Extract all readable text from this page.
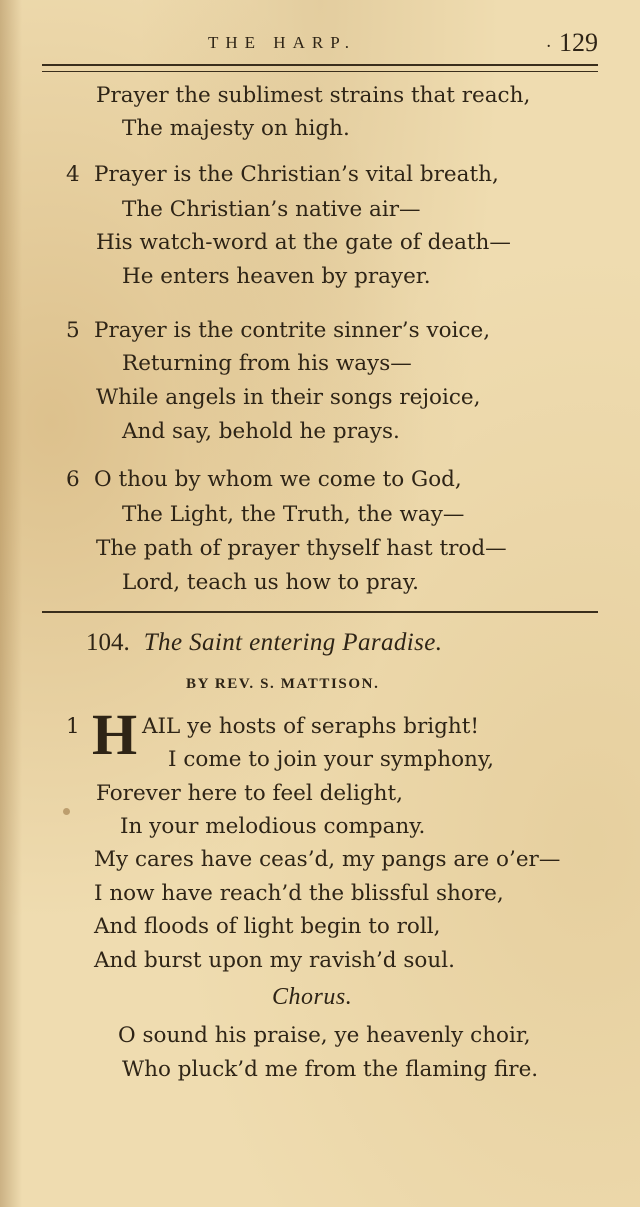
THE HARP.	. 129
Prayer the sublimest strains that reach,
The majesty on high.
4 Prayer is the Christian’s vital breath,
The Christian’s native air—
His watch-word at the gate of death—
He enters heaven by prayer.
5 Prayer is the contrite sinner’s voice,
Returning from his ways—
While angels in their songs rejoice,
And say, behold he prays.
6 O thou by whom we come to God,
The Light, the Truth, the way—
The path of prayer thyself hast trod—
Lord, teach us how to pray.
104. The Saint entering Paradise.
BY REV. S. MATTISON.
1 H AIL ye hosts of seraphs bright!
I come to join your symphony,
Forever here to feel delight,
In your melodious company.
My cares have ceas’d, my pangs are o’er—
I now have reach’d the blissful shore,
And floods of light begin to roll,
And burst upon my ravish’d soul.
Chorus.
O sound his praise, ye heavenly choir,
Who pluck’d me from the flaming fire.
